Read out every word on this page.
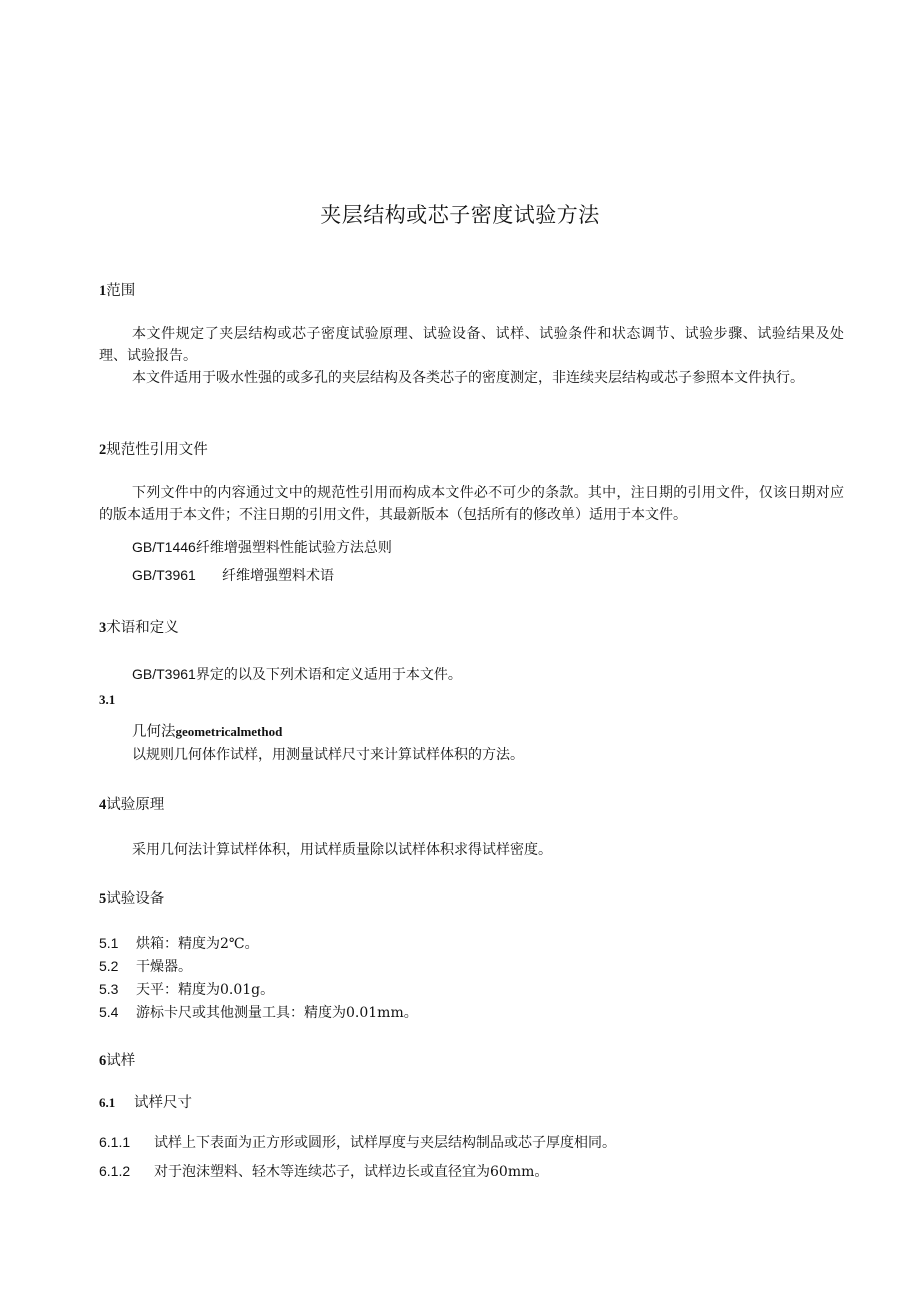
夹层结构或芯子密度试验方法
1范围
本文件规定了夹层结构或芯子密度试验原理、试验设备、试样、试验条件和状态调节、试验步骤、试验结果及处理、试验报告。
本文件适用于吸水性强的或多孔的夹层结构及各类芯子的密度测定，非连续夹层结构或芯子参照本文件执行。
2规范性引用文件
下列文件中的内容通过文中的规范性引用而构成本文件必不可少的条款。其中，注日期的引用文件，仅该日期对应的版本适用于本文件；不注日期的引用文件，其最新版本（包括所有的修改单）适用于本文件。
GB/T1446纤维增强塑料性能试验方法总则
GB/T3961 纤维增强塑料术语
3术语和定义
GB/T3961界定的以及下列术语和定义适用于本文件。
3.1
几何法geometricalmethod
以规则几何体作试样，用测量试样尺寸来计算试样体积的方法。
4试验原理
采用几何法计算试样体积，用试样质量除以试样体积求得试样密度。
5试验设备
5.1 烘箱：精度为2℃。
5.2 干燥器。
5.3 天平：精度为0.01g。
5.4 游标卡尺或其他测量工具：精度为0.01mm。
6试样
6.1 试样尺寸
6.1.1 试样上下表面为正方形或圆形，试样厚度与夹层结构制品或芯子厚度相同。
6.1.2 对于泡沫塑料、轻木等连续芯子，试样边长或直径宜为60mm。
